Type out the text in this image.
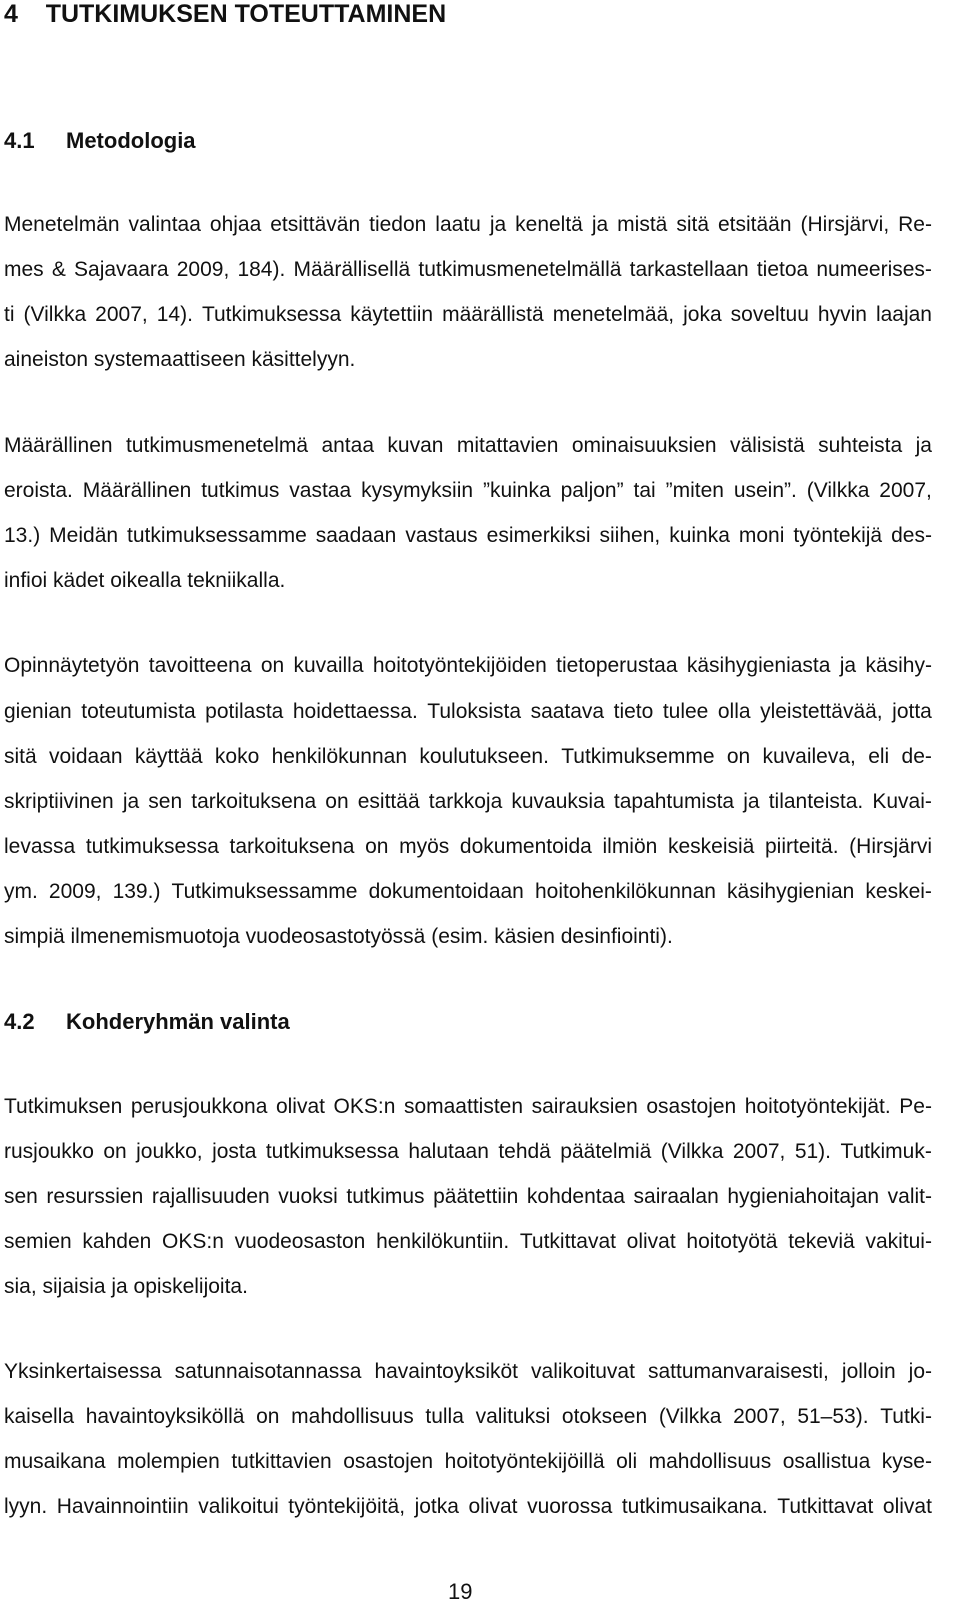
4 TUTKIMUKSEN TOTEUTTAMINEN
4.1 Metodologia
Menetelmän valintaa ohjaa etsittävän tiedon laatu ja keneltä ja mistä sitä etsitään (Hirsjärvi, Re-
mes & Sajavaara 2009, 184). Määrällisellä tutkimusmenetelmällä tarkastellaan tietoa numeerises-
ti (Vilkka 2007, 14). Tutkimuksessa käytettiin määrällistä menetelmää, joka soveltuu hyvin laajan
aineiston systemaattiseen käsittelyyn.
Määrällinen tutkimusmenetelmä antaa kuvan mitattavien ominaisuuksien välisistä suhteista ja
eroista. Määrällinen tutkimus vastaa kysymyksiin ”kuinka paljon” tai ”miten usein”. (Vilkka 2007,
13.) Meidän tutkimuksessamme saadaan vastaus esimerkiksi siihen, kuinka moni työntekijä des-
infioi kädet oikealla tekniikalla.
Opinnäytetyön tavoitteena on kuvailla hoitotyöntekijöiden tietoperustaa käsihygieniasta ja käsihy-
gienian toteutumista potilasta hoidettaessa. Tuloksista saatava tieto tulee olla yleistettävää, jotta
sitä voidaan käyttää koko henkilökunnan koulutukseen. Tutkimuksemme on kuvaileva, eli de-
skriptiivinen ja sen tarkoituksena on esittää tarkkoja kuvauksia tapahtumista ja tilanteista. Kuvai-
levassa tutkimuksessa tarkoituksena on myös dokumentoida ilmiön keskeisiä piirteitä. (Hirsjärvi
ym. 2009, 139.) Tutkimuksessamme dokumentoidaan hoitohenkilökunnan käsihygienian keskei-
simpiä ilmenemismuotoja vuodeosastotyössä (esim. käsien desinfiointi).
4.2 Kohderyhmän valinta
Tutkimuksen perusjoukkona olivat OKS:n somaattisten sairauksien osastojen hoitotyöntekijät. Pe-
rusjoukko on joukko, josta tutkimuksessa halutaan tehdä päätelmiä (Vilkka 2007, 51). Tutkimuk-
sen resurssien rajallisuuden vuoksi tutkimus päätettiin kohdentaa sairaalan hygieniahoitajan valit-
semien kahden OKS:n vuodeosaston henkilökuntiin. Tutkittavat olivat hoitotyötä tekeviä vakitui-
sia, sijaisia ja opiskelijoita.
Yksinkertaisessa satunnaisotannassa havaintoyksiköt valikoituvat sattumanvaraisesti, jolloin jo-
kaisella havaintoyksiköllä on mahdollisuus tulla valituksi otokseen (Vilkka 2007, 51–53). Tutki-
musaikana molempien tutkittavien osastojen hoitotyöntekijöillä oli mahdollisuus osallistua kyse-
lyyn. Havainnointiin valikoitui työntekijöitä, jotka olivat vuorossa tutkimusaikana. Tutkittavat olivat
19
